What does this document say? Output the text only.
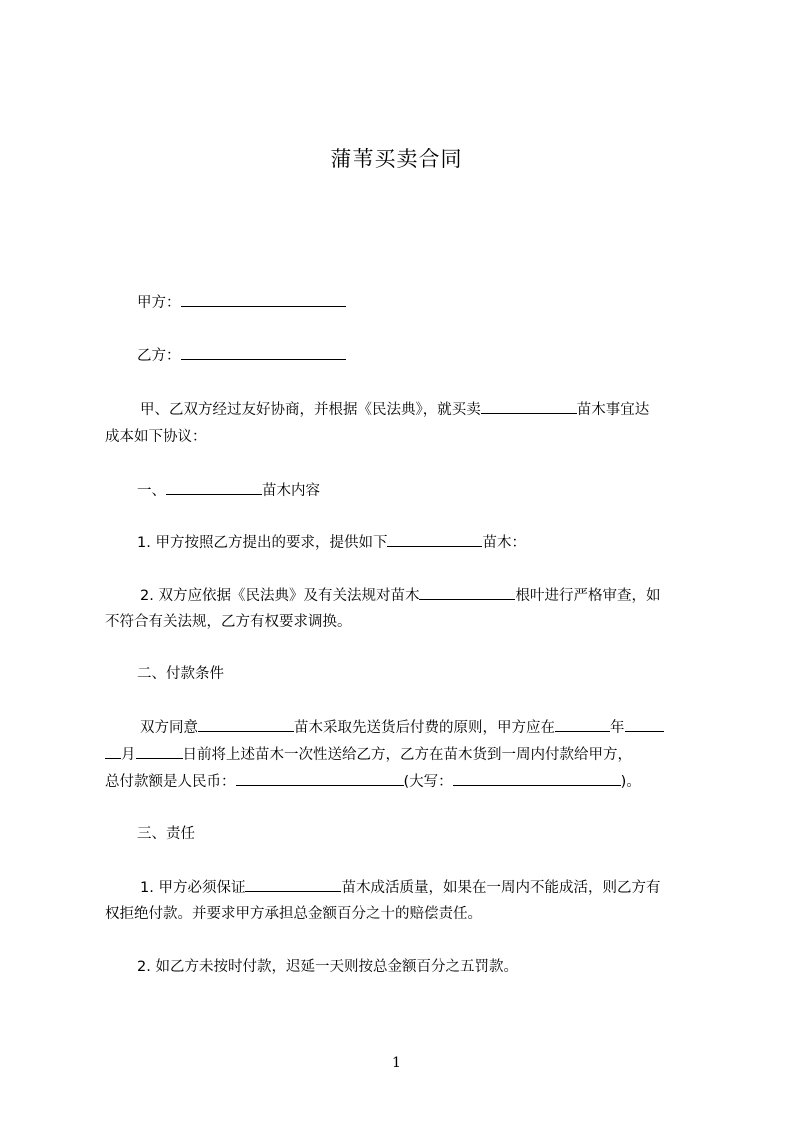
蒲苇买卖合同
甲方：
乙方：
甲、乙双方经过友好协商，并根据《民法典》，就买卖	苗木事宜达
成本如下协议：
一、	苗木内容
1. 甲方按照乙方提出的要求，提供如下	苗木：
2. 双方应依据《民法典》及有关法规对苗木	根叶进行严格审查，如
不符合有关法规，乙方有权要求调换。
二、付款条件
双方同意	苗木采取先送货后付费的原则，甲方应在	年
月	日前将上述苗木一次性送给乙方，乙方在苗木货到一周内付款给甲方，
总付款额是人民币：	(大写：	)。
三、责任
1. 甲方必须保证	苗木成活质量，如果在一周内不能成活，则乙方有
权拒绝付款。并要求甲方承担总金额百分之十的赔偿责任。
2. 如乙方未按时付款，迟延一天则按总金额百分之五罚款。
1
